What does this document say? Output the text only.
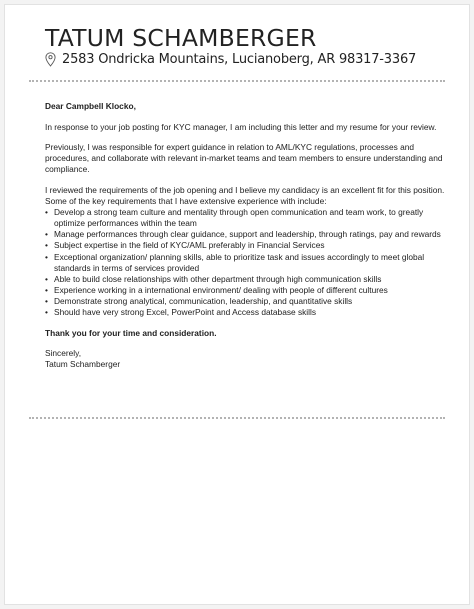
TATUM SCHAMBERGER
2583 Ondricka Mountains, Lucianoberg, AR 98317-3367

Dear Campbell Klocko,

In response to your job posting for KYC manager, I am including this letter and my resume for your review.

Previously, I was responsible for expert guidance in relation to AML/KYC regulations, processes and procedures, and collaborate with relevant in-market teams and team members to ensure understanding and compliance.

I reviewed the requirements of the job opening and I believe my candidacy is an excellent fit for this position. Some of the key requirements that I have extensive experience with include:

• Develop a strong team culture and mentality through open communication and team work, to greatly optimize performances within the team
• Manage performances through clear guidance, support and leadership, through ratings, pay and rewards
• Subject expertise in the field of KYC/AML preferably in Financial Services
• Exceptional organization/ planning skills, able to prioritize task and issues accordingly to meet global standards in terms of services provided
• Able to build close relationships with other department through high communication skills
• Experience working in a international environment/ dealing with people of different cultures
• Demonstrate strong analytical, communication, leadership, and quantitative skills
• Should have very strong Excel, PowerPoint and Access database skills

Thank you for your time and consideration.

Sincerely,

Tatum Schamberger
